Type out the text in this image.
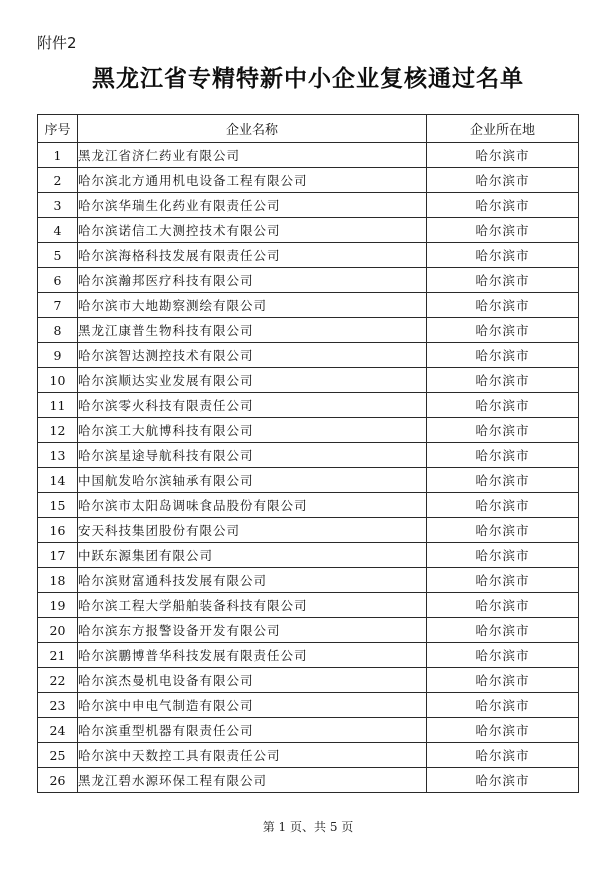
附件2
黑龙江省专精特新中小企业复核通过名单
序号	企业名称	企业所在地
1	黑龙江省济仁药业有限公司	哈尔滨市
2	哈尔滨北方通用机电设备工程有限公司	哈尔滨市
3	哈尔滨华瑞生化药业有限责任公司	哈尔滨市
4	哈尔滨诺信工大测控技术有限公司	哈尔滨市
5	哈尔滨海格科技发展有限责任公司	哈尔滨市
6	哈尔滨瀚邦医疗科技有限公司	哈尔滨市
7	哈尔滨市大地勘察测绘有限公司	哈尔滨市
8	黑龙江康普生物科技有限公司	哈尔滨市
9	哈尔滨智达测控技术有限公司	哈尔滨市
10	哈尔滨顺达实业发展有限公司	哈尔滨市
11	哈尔滨零火科技有限责任公司	哈尔滨市
12	哈尔滨工大航博科技有限公司	哈尔滨市
13	哈尔滨星途导航科技有限公司	哈尔滨市
14	中国航发哈尔滨轴承有限公司	哈尔滨市
15	哈尔滨市太阳岛调味食品股份有限公司	哈尔滨市
16	安天科技集团股份有限公司	哈尔滨市
17	中跃东源集团有限公司	哈尔滨市
18	哈尔滨财富通科技发展有限公司	哈尔滨市
19	哈尔滨工程大学船舶装备科技有限公司	哈尔滨市
20	哈尔滨东方报警设备开发有限公司	哈尔滨市
21	哈尔滨鹏博普华科技发展有限责任公司	哈尔滨市
22	哈尔滨杰曼机电设备有限公司	哈尔滨市
23	哈尔滨中申电气制造有限公司	哈尔滨市
24	哈尔滨重型机器有限责任公司	哈尔滨市
25	哈尔滨中天数控工具有限责任公司	哈尔滨市
26	黑龙江碧水源环保工程有限公司	哈尔滨市
第 1 页、共 5 页
